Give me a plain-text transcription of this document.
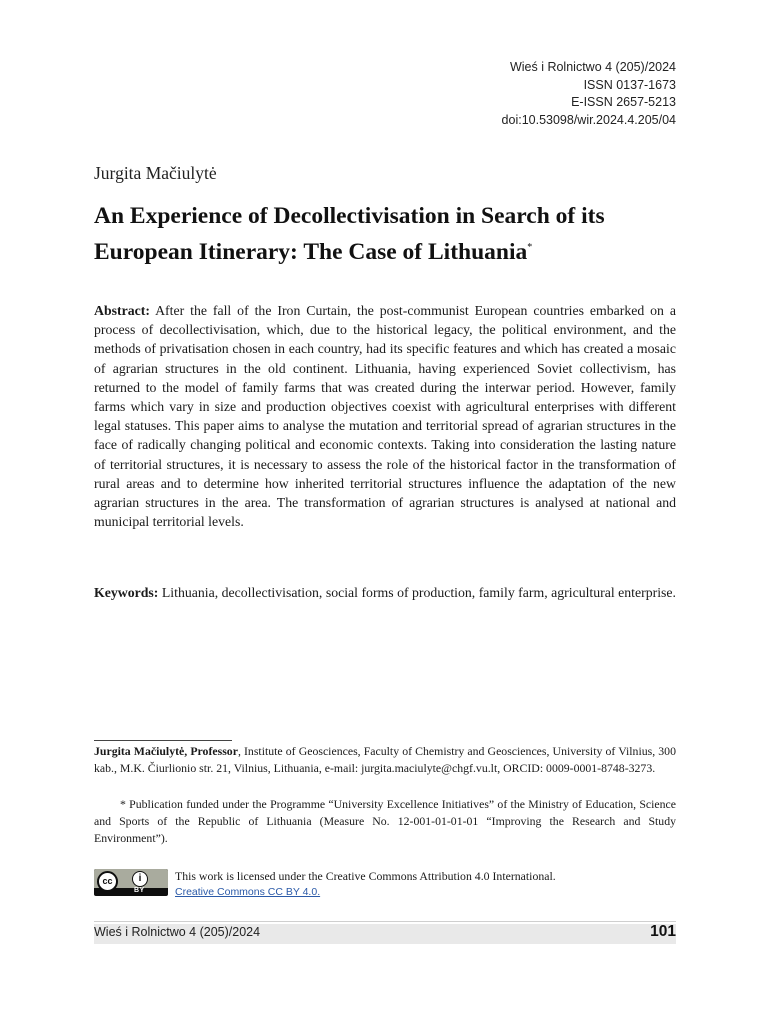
Wieś i Rolnictwo 4 (205)/2024
ISSN 0137-1673
E-ISSN 2657-5213
doi:10.53098/wir.2024.4.205/04
Jurgita Mačiulytė
An Experience of Decollectivisation in Search of its European Itinerary: The Case of Lithuania*

Abstract: After the fall of the Iron Curtain, the post-communist European countries embarked on a process of decollectivisation, which, due to the historical legacy, the political environment, and the methods of privatisation chosen in each country, had its specific features and which has created a mosaic of agrarian structures in the old continent. Lithuania, having experienced Soviet collectivism, has returned to the model of family farms that was created during the interwar period. However, family farms which vary in size and production objectives coexist with agricultural enterprises with different legal statuses. This paper aims to analyse the mutation and territorial spread of agrarian structures in the face of radically changing political and economic contexts. Taking into consideration the lasting nature of territorial structures, it is necessary to assess the role of the historical factor in the transformation of rural areas and to determine how inherited territorial structures influence the adaptation of the new agrarian structures in the area. The transformation of agrarian structures is analysed at national and municipal territorial levels.

Keywords: Lithuania, decollectivisation, social forms of production, family farm, agricultural enterprise.

Jurgita Mačiulytė, Professor, Institute of Geosciences, Faculty of Chemistry and Geosciences, University of Vilnius, 300 kab., M.K. Čiurlionio str. 21, Vilnius, Lithuania, e-mail: jurgita.maciulyte@chgf.vu.lt, ORCID: 0009-0001-8748-3273.

* Publication funded under the Programme “University Excellence Initiatives” of the Ministry of Education, Science and Sports of the Republic of Lithuania (Measure No. 12-001-01-01-01 “Improving the Research and Study Environment”).

cc	i
BY
This work is licensed under the Creative Commons Attribution 4.0 International.
Creative Commons CC BY 4.0.
Wieś i Rolnictwo 4 (205)/2024	101
